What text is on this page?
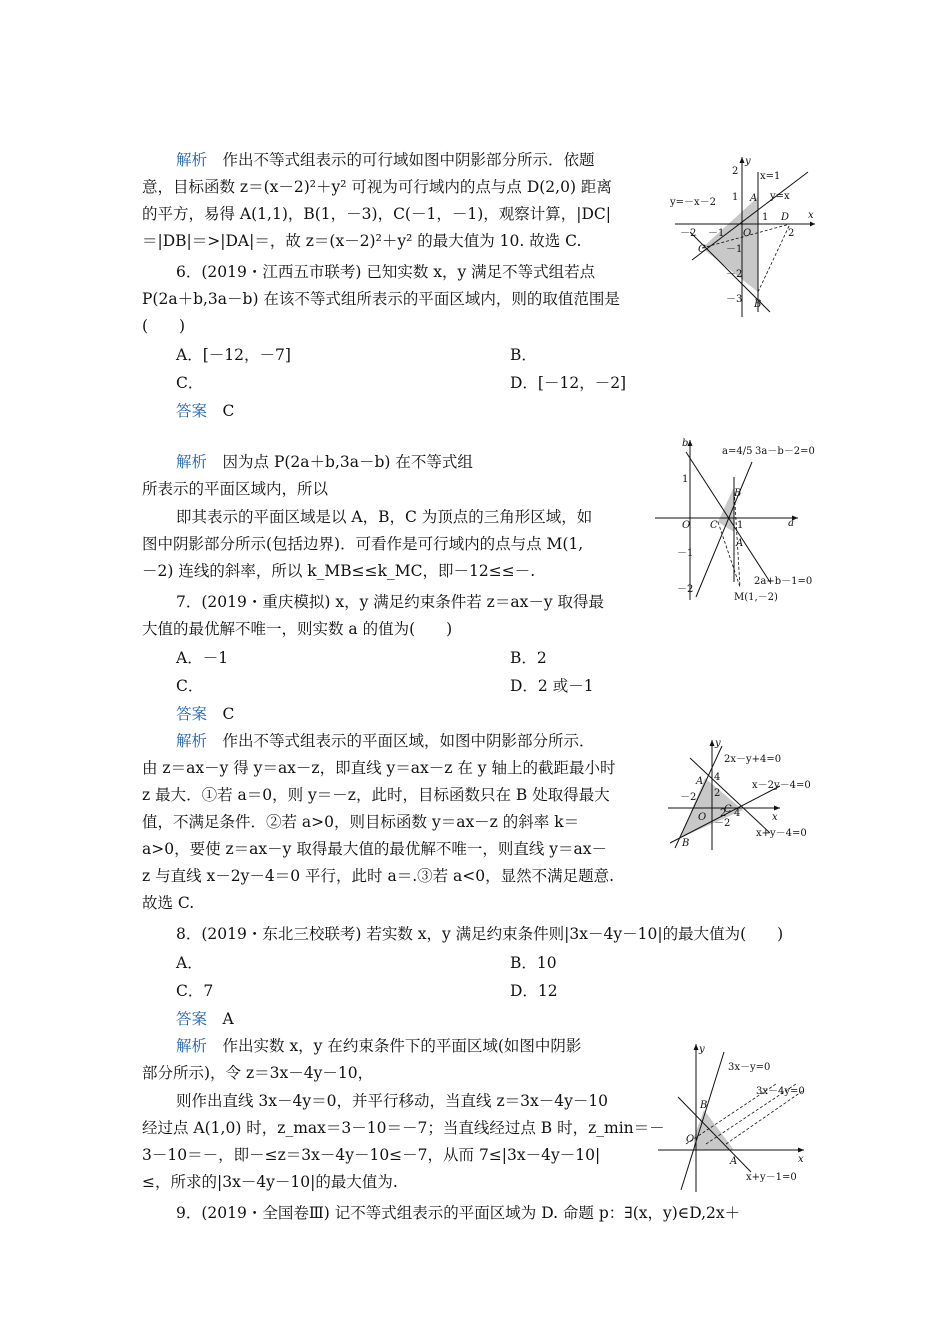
解析　作出不等式组表示的可行域如图中阴影部分所示．依题
意，目标函数 z＝(x－2)²＋y² 可视为可行域内的点与点 D(2,0) 距离
的平方，易得 A(1,1)，B(1，－3)，C(－1，－1)，观察计算，|DC|
＝|DB|＝>|DA|＝，故 z＝(x－2)²＋y² 的最大值为 10. 故选 C.
6．(2019・江西五市联考) 已知实数 x，y 满足不等式组若点
P(2a＋b,3a－b) 在该不等式组所表示的平面区域内，则的取值范围是
(　　)
A．[－12，－7]	B．
C．	D．[－12，－2]
答案　C
解析　因为点 P(2a＋b,3a－b) 在不等式组
所表示的平面区域内，所以
即其表示的平面区域是以 A，B，C 为顶点的三角形区域，如
图中阴影部分所示(包括边界)．可看作是可行域内的点与点 M(1,
－2) 连线的斜率，所以 k_MB≤≤k_MC，即－12≤≤－.
7．(2019・重庆模拟) x，y 满足约束条件若 z＝ax－y 取得最
大值的最优解不唯一，则实数 a 的值为(　　)
A．－1	B．2
C．	D．2 或－1
答案　C
解析　作出不等式组表示的平面区域，如图中阴影部分所示．
由 z＝ax－y 得 y＝ax－z，即直线 y＝ax－z 在 y 轴上的截距最小时
z 最大．①若 a＝0，则 y＝－z，此时，目标函数只在 B 处取得最大
值，不满足条件．②若 a>0，则目标函数 y＝ax－z 的斜率 k＝
a>0，要使 z＝ax－y 取得最大值的最优解不唯一，则直线 y＝ax－
z 与直线 x－2y－4＝0 平行，此时 a＝.③若 a<0，显然不满足题意.
故选 C.
8．(2019・东北三校联考) 若实数 x，y 满足约束条件则|3x－4y－10|的最大值为(　　)
A．	B．10
C．7	D．12
答案　A
解析　作出实数 x，y 在约束条件下的平面区域(如图中阴影
部分所示)，令 z＝3x－4y－10，
则作出直线 3x－4y＝0，并平行移动，当直线 z＝3x－4y－10
经过点 A(1,0) 时，z_max＝3－10＝－7；当直线经过点 B 时，z_min＝－
3－10＝－，即－≤z＝3x－4y－10≤－7，从而 7≤|3x－4y－10|
≤，所求的|3x－4y－10|的最大值为.
9．(2019・全国卷Ⅲ) 记不等式组表示的平面区域为 D. 命题 p：∃(x，y)∈D,2x＋
y
x
x=1
y=x
y=－x－2
2
1
－2 －1 O
1 D
2
C
A
－1
－2
－3 B
b
a
a=4/5 3a－b－2=0
1
B
O C 1
A
－1
2a+b－1=0
－2
M(1,－2)
y
x
2x－y+4=0
x－2y－4=0
x+y－4=0
4
A
2
－2
O 2 4
C
－2
B
y
x
3x－y=0
3x－4y=0
B
O
A
x+y－1=0
